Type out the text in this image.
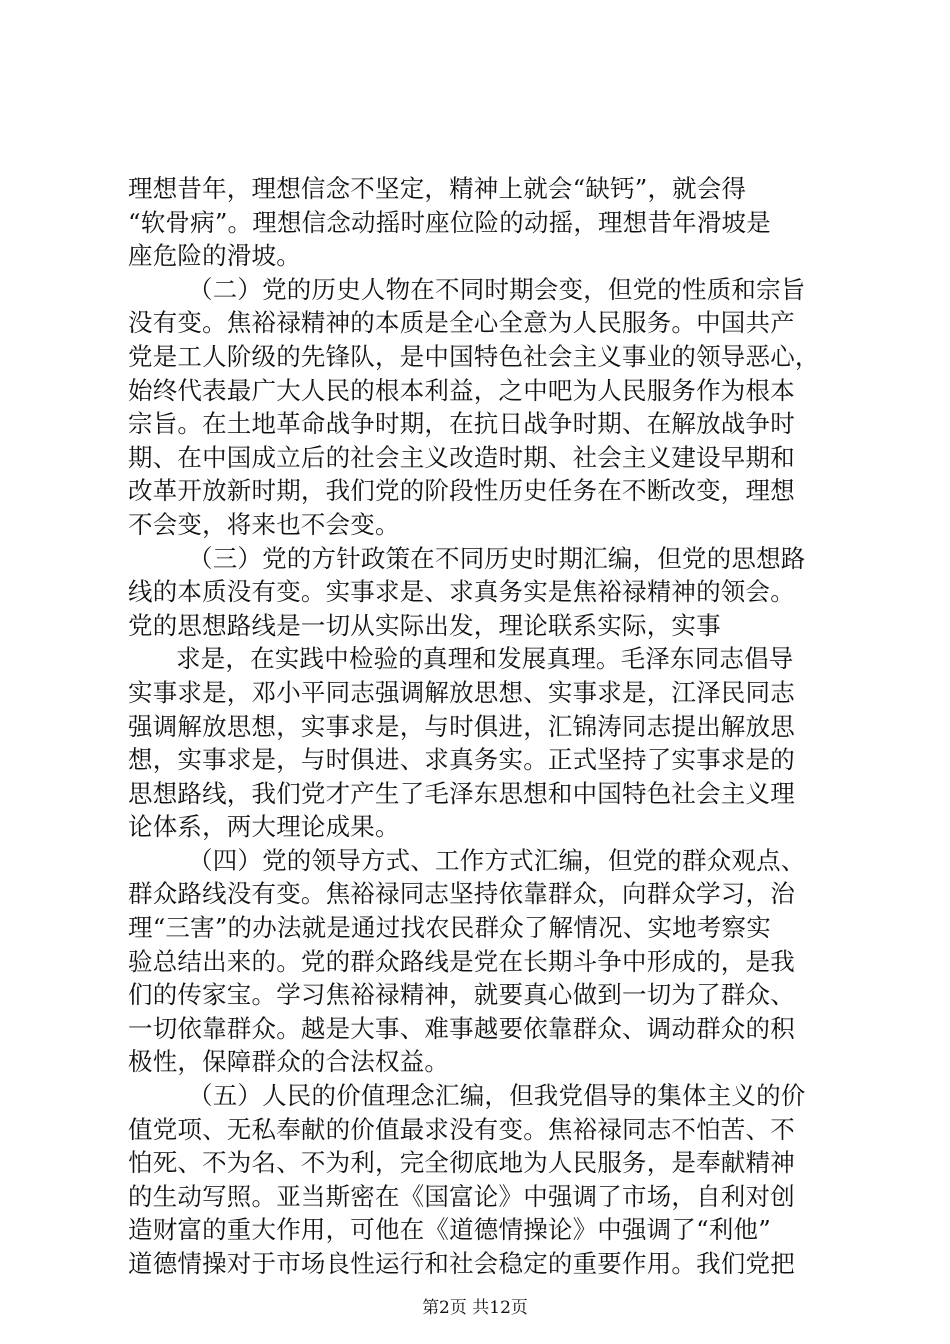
理想昔年，理想信念不坚定，精神上就会“缺钙”，就会得
“软骨病”。理想信念动摇时座位险的动摇，理想昔年滑坡是
座危险的滑坡。
（二）党的历史人物在不同时期会变，但党的性质和宗旨
没有变。焦裕禄精神的本质是全心全意为人民服务。中国共产
党是工人阶级的先锋队，是中国特色社会主义事业的领导恶心，
始终代表最广大人民的根本利益，之中吧为人民服务作为根本
宗旨。在土地革命战争时期，在抗日战争时期、在解放战争时
期、在中国成立后的社会主义改造时期、社会主义建设早期和
改革开放新时期，我们党的阶段性历史任务在不断改变，理想
不会变，将来也不会变。
（三）党的方针政策在不同历史时期汇编，但党的思想路
线的本质没有变。实事求是、求真务实是焦裕禄精神的领会。
党的思想路线是一切从实际出发，理论联系实际，实事
求是，在实践中检验的真理和发展真理。毛泽东同志倡导
实事求是，邓小平同志强调解放思想、实事求是，江泽民同志
强调解放思想，实事求是，与时俱进，汇锦涛同志提出解放思
想，实事求是，与时俱进、求真务实。正式坚持了实事求是的
思想路线，我们党才产生了毛泽东思想和中国特色社会主义理
论体系，两大理论成果。
（四）党的领导方式、工作方式汇编，但党的群众观点、
群众路线没有变。焦裕禄同志坚持依靠群众，向群众学习，治
理“三害”的办法就是通过找农民群众了解情况、实地考察实
验总结出来的。党的群众路线是党在长期斗争中形成的，是我
们的传家宝。学习焦裕禄精神，就要真心做到一切为了群众、
一切依靠群众。越是大事、难事越要依靠群众、调动群众的积
极性，保障群众的合法权益。
（五）人民的价值理念汇编，但我党倡导的集体主义的价
值党项、无私奉献的价值最求没有变。焦裕禄同志不怕苦、不
怕死、不为名、不为利，完全彻底地为人民服务，是奉献精神
的生动写照。亚当斯密在《国富论》中强调了市场，自利对创
造财富的重大作用，可他在《道德情操论》中强调了“利他”
道德情操对于市场良性运行和社会稳定的重要作用。我们党把
第2页 共12页
